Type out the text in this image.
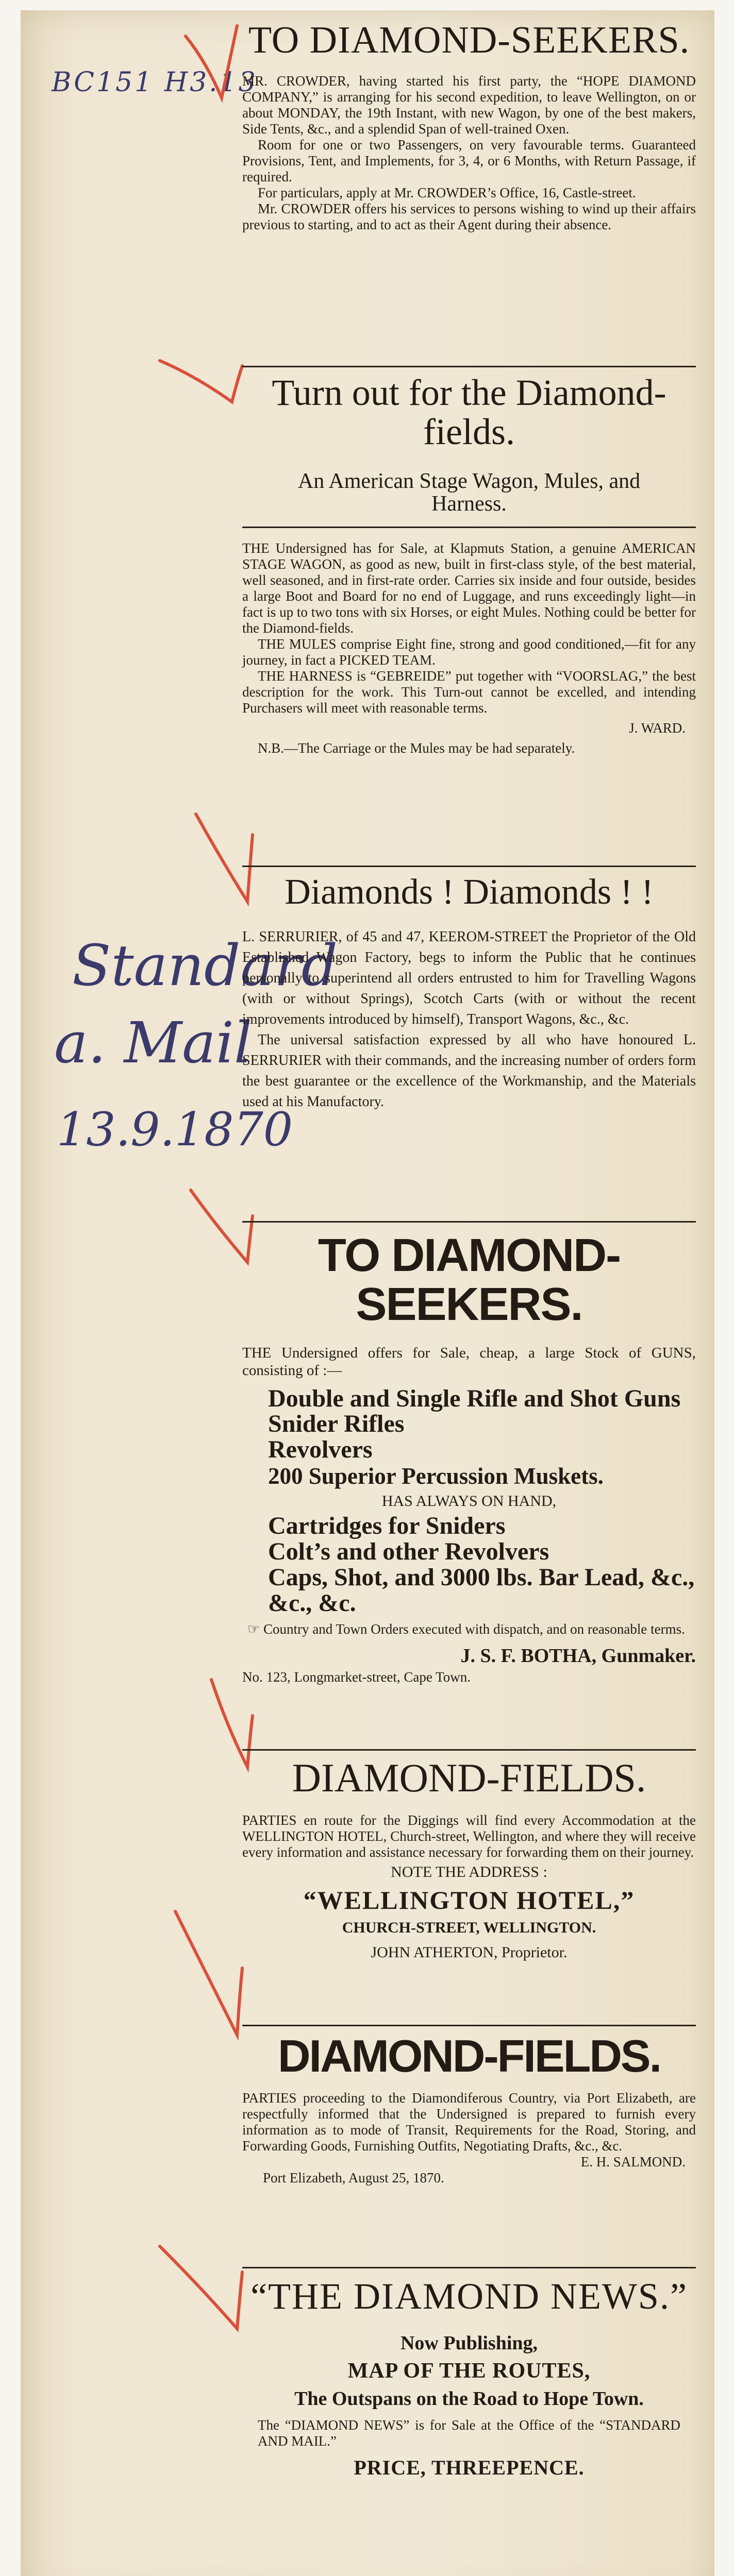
BC151 H3.13
Standard
a. Mail
13.9.1870
TO DIAMOND-SEEKERS.

MR. CROWDER, having started his first party, the “HOPE DIAMOND COMPANY,” is arranging for his second expedition, to leave Wellington, on or about MONDAY, the 19th Instant, with new Wagon, by one of the best makers, Side Tents, &c., and a splendid Span of well-trained Oxen.

Room for one or two Passengers, on very favourable terms. Guaranteed Provisions, Tent, and Implements, for 3, 4, or 6 Months, with Return Passage, if required.

For particulars, apply at Mr. CROWDER’s Office, 16, Castle-street.

Mr. CROWDER offers his services to persons wishing to wind up their affairs previous to starting, and to act as their Agent during their absence.

Turn out for the Diamond-fields.

An American Stage Wagon, Mules, and Harness.

THE Undersigned has for Sale, at Klapmuts Station, a genuine AMERICAN STAGE WAGON, as good as new, built in first-class style, of the best material, well seasoned, and in first-rate order. Carries six inside and four outside, besides a large Boot and Board for no end of Luggage, and runs exceedingly light—in fact is up to two tons with six Horses, or eight Mules. Nothing could be better for the Diamond-fields.

THE MULES comprise Eight fine, strong and good conditioned,—fit for any journey, in fact a PICKED TEAM.

THE HARNESS is “GEBREIDE” put together with “VOORSLAG,” the best description for the work. This Turn-out cannot be excelled, and intending Purchasers will meet with reasonable terms.

J. WARD.

N.B.—The Carriage or the Mules may be had separately.

Diamonds ! Diamonds ! !

L. SERRURIER, of 45 and 47, KEEROM-STREET the Proprietor of the Old Established Wagon Factory, begs to inform the Public that he continues personally to superintend all orders entrusted to him for Travelling Wagons (with or without Springs), Scotch Carts (with or without the recent improvements introduced by himself), Transport Wagons, &c., &c.

The universal satisfaction expressed by all who have honoured L. SERRURIER with their commands, and the increasing number of orders form the best guarantee or the excellence of the Workmanship, and the Materials used at his Manufactory.

TO DIAMOND-SEEKERS.

THE Undersigned offers for Sale, cheap, a large Stock of GUNS, consisting of :—

Double and Single Rifle and Shot Guns
Snider Rifles
Revolvers
200 Superior Percussion Muskets.
HAS ALWAYS ON HAND,
Cartridges for Sniders
Colt’s and other Revolvers
Caps, Shot, and 3000 lbs. Bar Lead, &c., &c., &c.

☞ Country and Town Orders executed with dispatch, and on reasonable terms.

J. S. F. BOTHA, Gunmaker.

No. 123, Longmarket-street, Cape Town.

DIAMOND-FIELDS.

PARTIES en route for the Diggings will find every Accommodation at the WELLINGTON HOTEL, Church-street, Wellington, and where they will receive every information and assistance necessary for forwarding them on their journey.

NOTE THE ADDRESS :

“WELLINGTON HOTEL,”

CHURCH-STREET, WELLINGTON.

JOHN ATHERTON, Proprietor.

DIAMOND-FIELDS.

PARTIES proceeding to the Diamondiferous Country, via Port Elizabeth, are respectfully informed that the Undersigned is prepared to furnish every information as to mode of Transit, Requirements for the Road, Storing, and Forwarding Goods, Furnishing Outfits, Negotiating Drafts, &c., &c.

E. H. SALMOND.

Port Elizabeth, August 25, 1870.

“THE DIAMOND NEWS.”

Now Publishing,

MAP OF THE ROUTES,

The Outspans on the Road to Hope Town.

The “DIAMOND NEWS” is for Sale at the Office of the “STANDARD AND MAIL.”

PRICE, THREEPENCE.
